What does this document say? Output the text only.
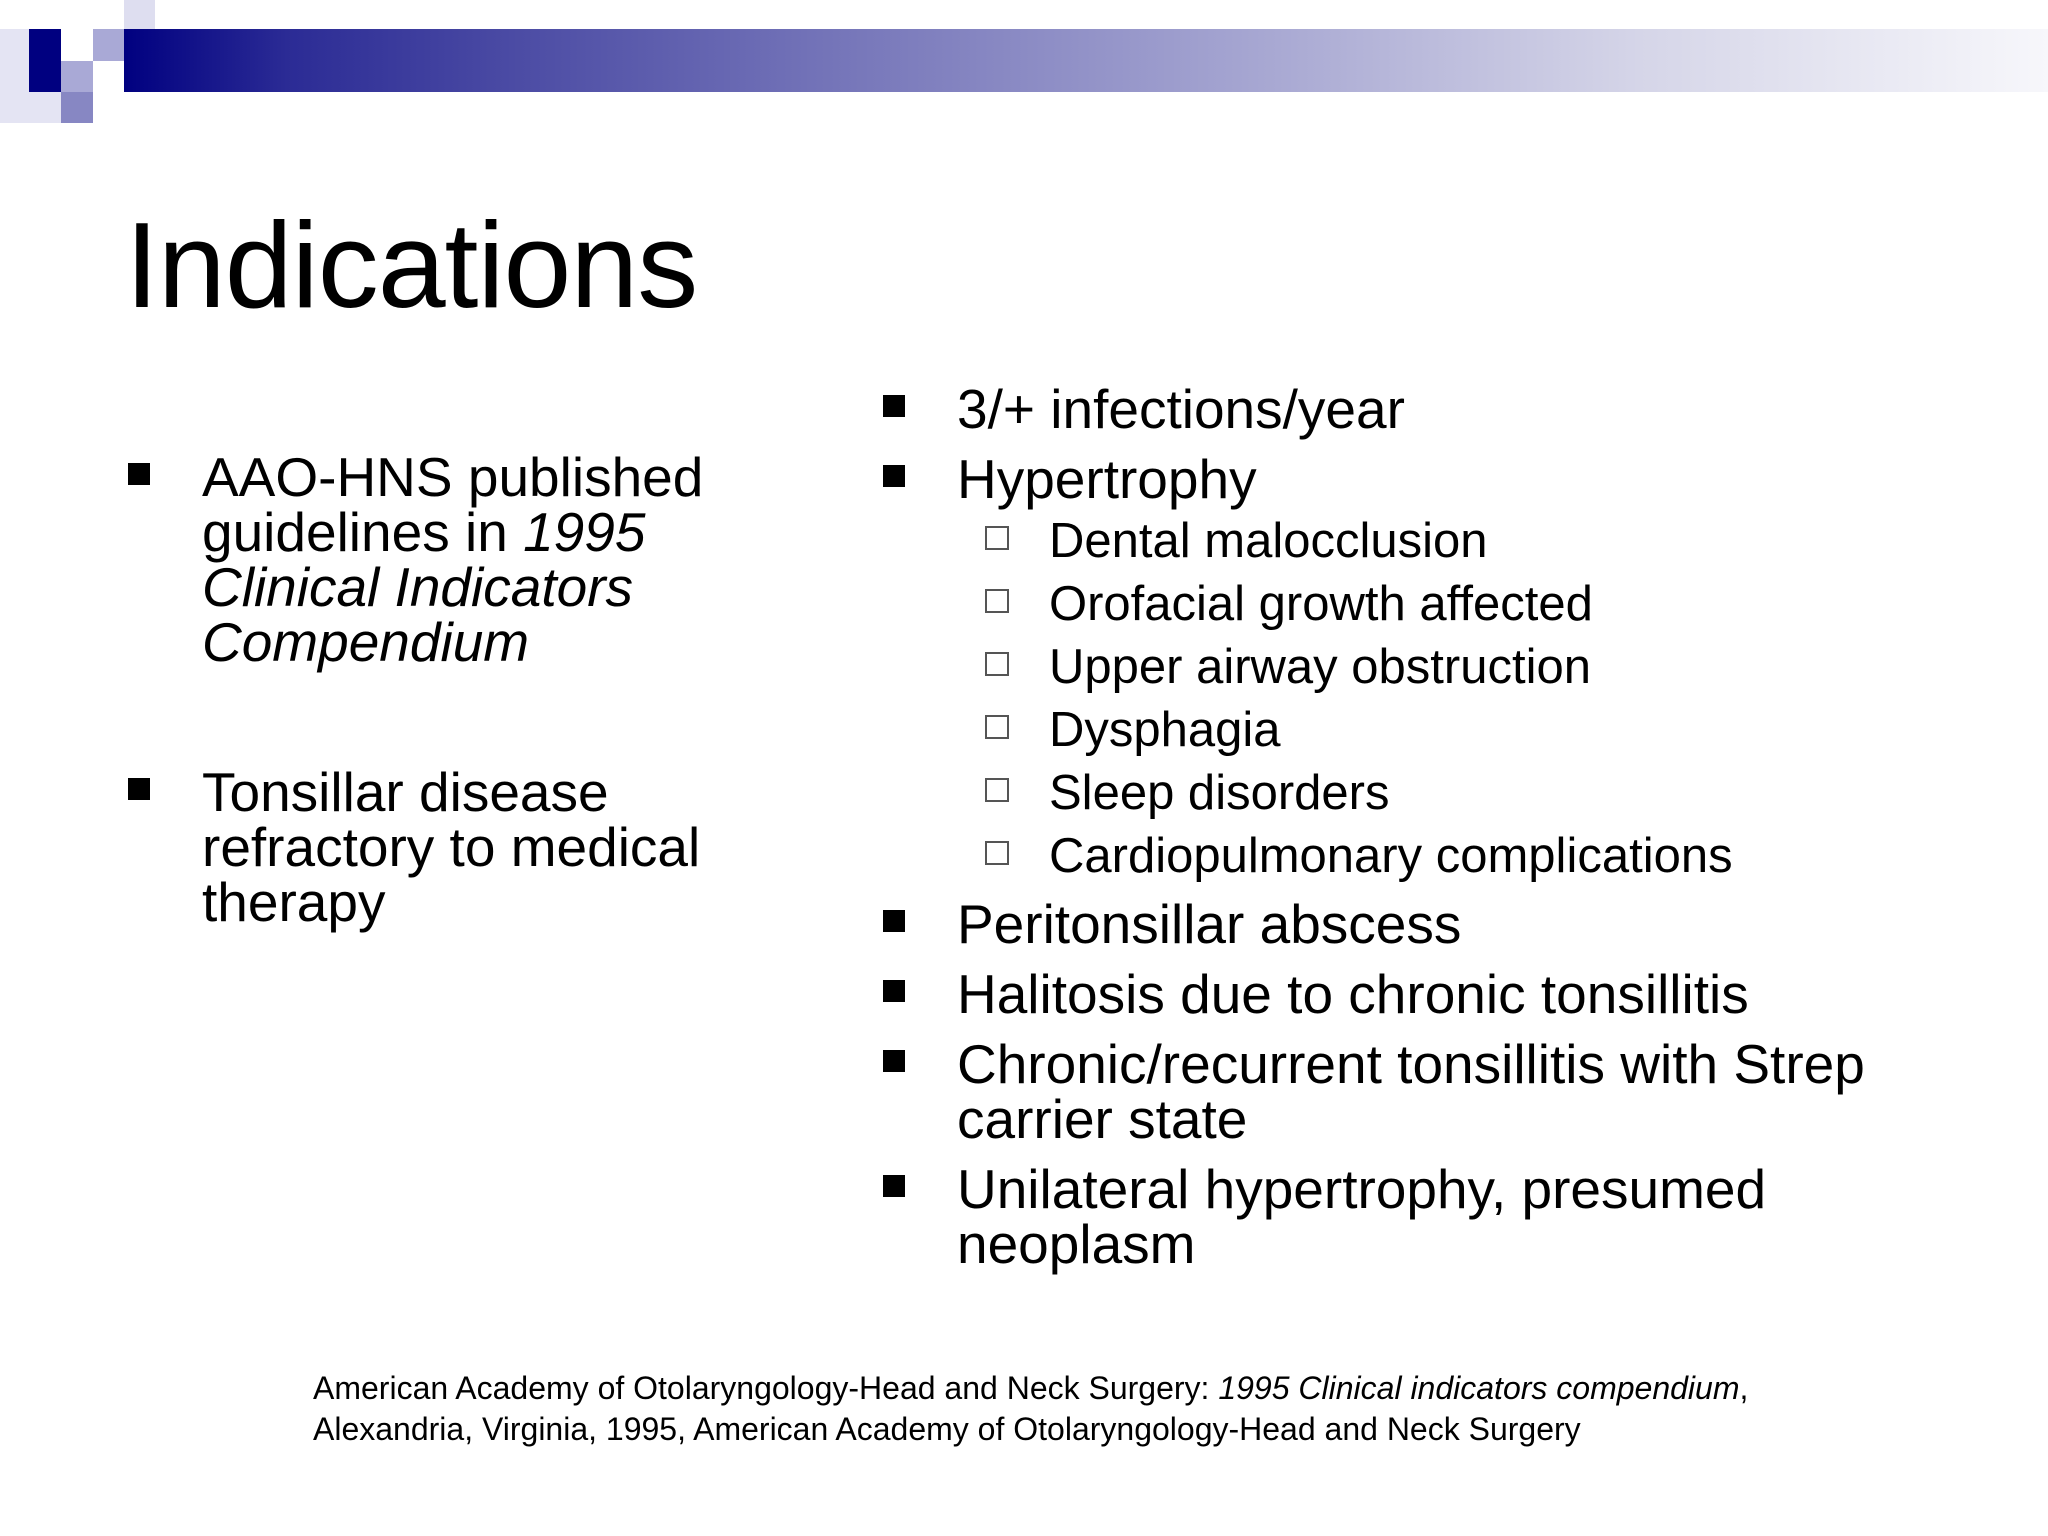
Indications
AAO-HNS published guidelines in 1995 Clinical Indicators Compendium
Tonsillar disease refractory to medical therapy
3/+ infections/year
Hypertrophy
Dental malocclusion
Orofacial growth affected
Upper airway obstruction
Dysphagia
Sleep disorders
Cardiopulmonary complications
Peritonsillar abscess
Halitosis due to chronic tonsillitis
Chronic/recurrent tonsillitis with Strep carrier state
Unilateral hypertrophy, presumed neoplasm
American Academy of Otolaryngology-Head and Neck Surgery: 1995 Clinical indicators compendium, Alexandria, Virginia, 1995, American Academy of Otolaryngology-Head and Neck Surgery
